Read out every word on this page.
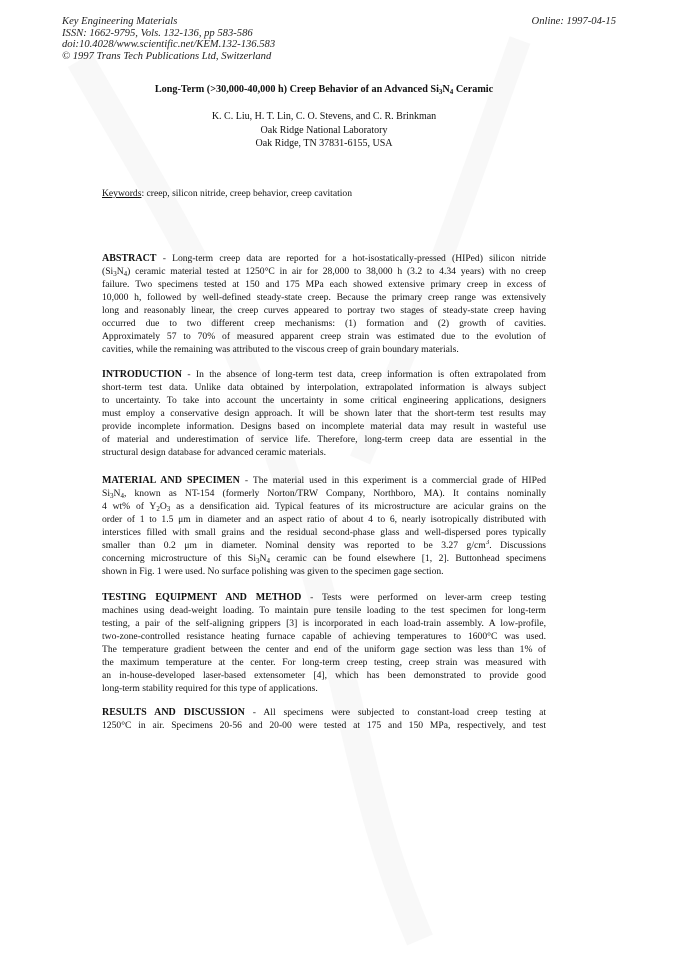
Key Engineering Materials
ISSN: 1662-9795, Vols. 132-136, pp 583-586
doi:10.4028/www.scientific.net/KEM.132-136.583
© 1997 Trans Tech Publications Ltd, Switzerland
Online: 1997-04-15
Long-Term (>30,000-40,000 h) Creep Behavior of an Advanced $Si_3N_4$ Ceramic
K. C. Liu, H. T. Lin, C. O. Stevens, and C. R. Brinkman
Oak Ridge National Laboratory
Oak Ridge, TN 37831-6155, USA
Keywords: creep, silicon nitride, creep behavior, creep cavitation
ABSTRACT - Long-term creep data are reported for a hot-isostatically-pressed (HIPed) silicon nitride
$(Si_3N_4)$ ceramic material tested at 1250°C in air for 28,000 to 38,000 h (3.2 to 4.34 years) with no creep
failure. Two specimens tested at 150 and 175 MPa each showed extensive primary creep in excess of
10,000 h, followed by well-defined steady-state creep. Because the primary creep range was extensively
long and reasonably linear, the creep curves appeared to portray two stages of steady-state creep having
occurred due to two different creep mechanisms: (1) formation and (2) growth of cavities.
Approximately 57 to 70% of measured apparent creep strain was estimated due to the evolution of
cavities, while the remaining was attributed to the viscous creep of grain boundary materials.
INTRODUCTION - In the absence of long-term test data, creep information is often extrapolated from
short-term test data. Unlike data obtained by interpolation, extrapolated information is always subject
to uncertainty. To take into account the uncertainty in some critical engineering applications, designers
must employ a conservative design approach. It will be shown later that the short-term test results may
provide incomplete information. Designs based on incomplete material data may result in wasteful use
of material and underestimation of service life. Therefore, long-term creep data are essential in the
structural design database for advanced ceramic materials.
MATERIAL AND SPECIMEN - The material used in this experiment is a commercial grade of HIPed
$Si_3N_4$, known as NT-154 (formerly Norton/TRW Company, Northboro, MA). It contains nominally
4 wt% of $Y_2O_3$ as a densification aid. Typical features of its microstructure are acicular grains on the
order of 1 to 1.5 μm in diameter and an aspect ratio of about 4 to 6, nearly isotropically distributed with
interstices filled with small grains and the residual second-phase glass and well-dispersed pores typically
smaller than 0.2 μm in diameter. Nominal density was reported to be 3.27 $g/cm^3$. Discussions
concerning microstructure of this $Si_3N_4$ ceramic can be found elsewhere [1, 2]. Buttonhead specimens
shown in Fig. 1 were used. No surface polishing was given to the specimen gage section.
TESTING EQUIPMENT AND METHOD - Tests were performed on lever-arm creep testing
machines using dead-weight loading. To maintain pure tensile loading to the test specimen for long-term
testing, a pair of the self-aligning grippers [3] is incorporated in each load-train assembly. A low-profile,
two-zone-controlled resistance heating furnace capable of achieving temperatures to 1600°C was used.
The temperature gradient between the center and end of the uniform gage section was less than 1% of
the maximum temperature at the center. For long-term creep testing, creep strain was measured with
an in-house-developed laser-based extensometer [4], which has been demonstrated to provide good
long-term stability required for this type of applications.
RESULTS AND DISCUSSION - All specimens were subjected to constant-load creep testing at
1250°C in air. Specimens 20-56 and 20-00 were tested at 175 and 150 MPa, respectively, and test
